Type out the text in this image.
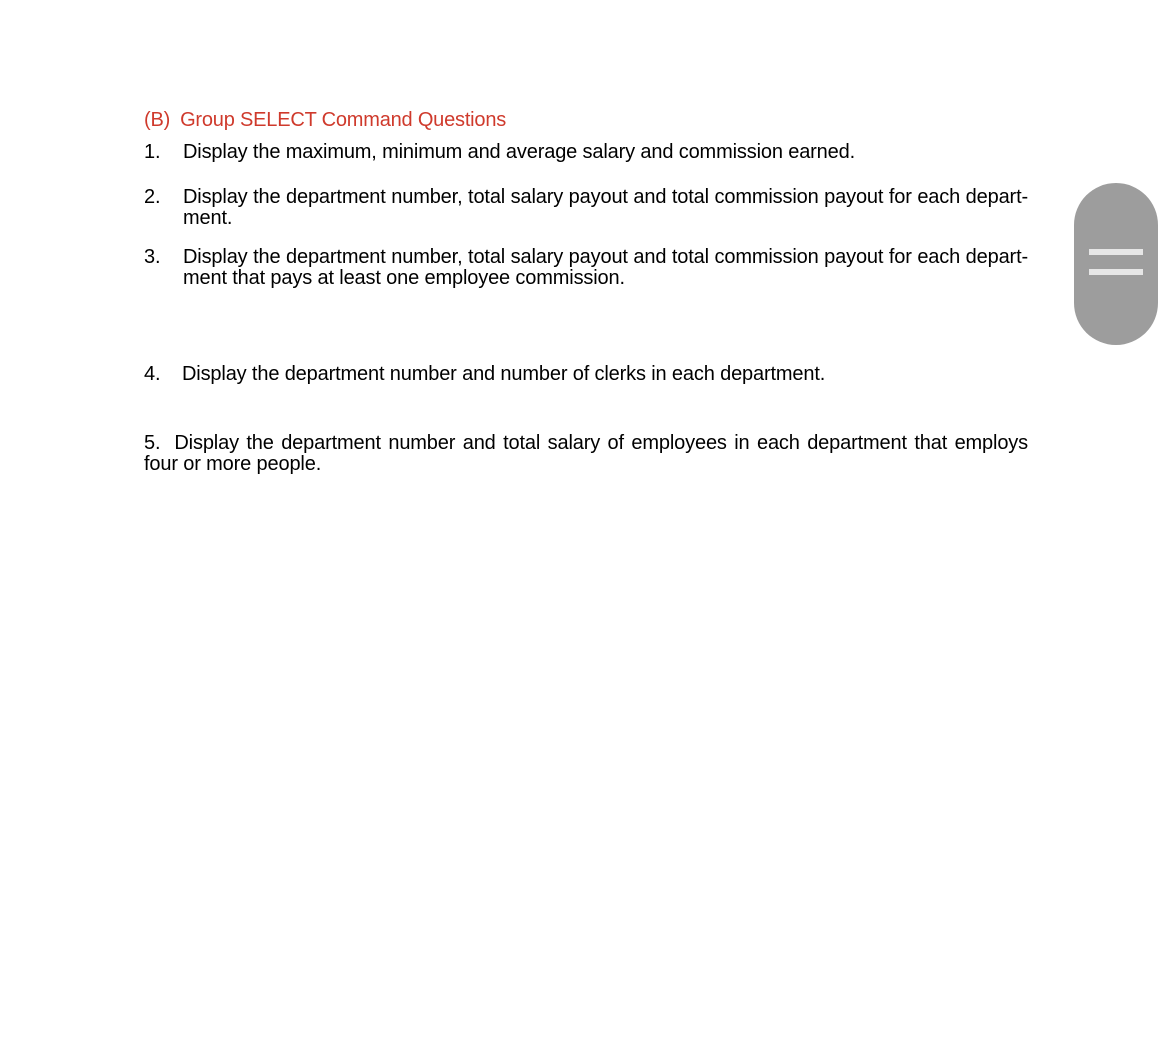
(B) Group SELECT Command Questions
1. Display the maximum, minimum and average salary and commission earned.
2. Display the department number, total salary payout and total commission payout for each depart-ment.
3. Display the department number, total salary payout and total commission payout for each depart-ment that pays at least one employee commission.
4. Display the department number and number of clerks in each department.
5. Display the department number and total salary of employees in each department that employs four or more people.
